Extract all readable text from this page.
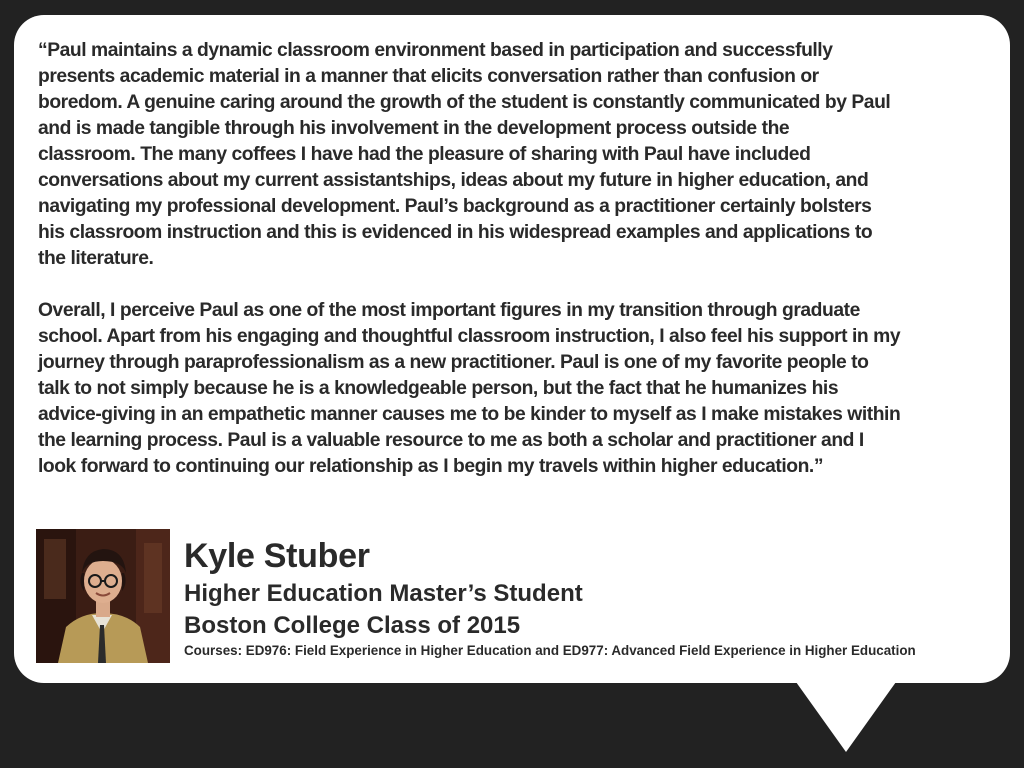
“Paul maintains a dynamic classroom environment based in participation and successfully
presents academic material in a manner that elicits conversation rather than confusion or
boredom. A genuine caring around the growth of the student is constantly communicated by Paul
and is made tangible through his involvement in the development process outside the
classroom. The many coffees I have had the pleasure of sharing with Paul have included
conversations about my current assistantships, ideas about my future in higher education, and
navigating my professional development. Paul’s background as a practitioner certainly bolsters
his classroom instruction and this is evidenced in his widespread examples and applications to
the literature.

Overall, I perceive Paul as one of the most important figures in my transition through graduate
school. Apart from his engaging and thoughtful classroom instruction, I also feel his support in my
journey through paraprofessionalism as a new practitioner. Paul is one of my favorite people to
talk to not simply because he is a knowledgeable person, but the fact that he humanizes his
advice-giving in an empathetic manner causes me to be kinder to myself as I make mistakes within
the learning process. Paul is a valuable resource to me as both a scholar and practitioner and I
look forward to continuing our relationship as I begin my travels within higher education.”

Kyle Stuber
Higher Education Master’s Student
Boston College Class of 2015
Courses: ED976: Field Experience in Higher Education and ED977: Advanced Field Experience in Higher Education
